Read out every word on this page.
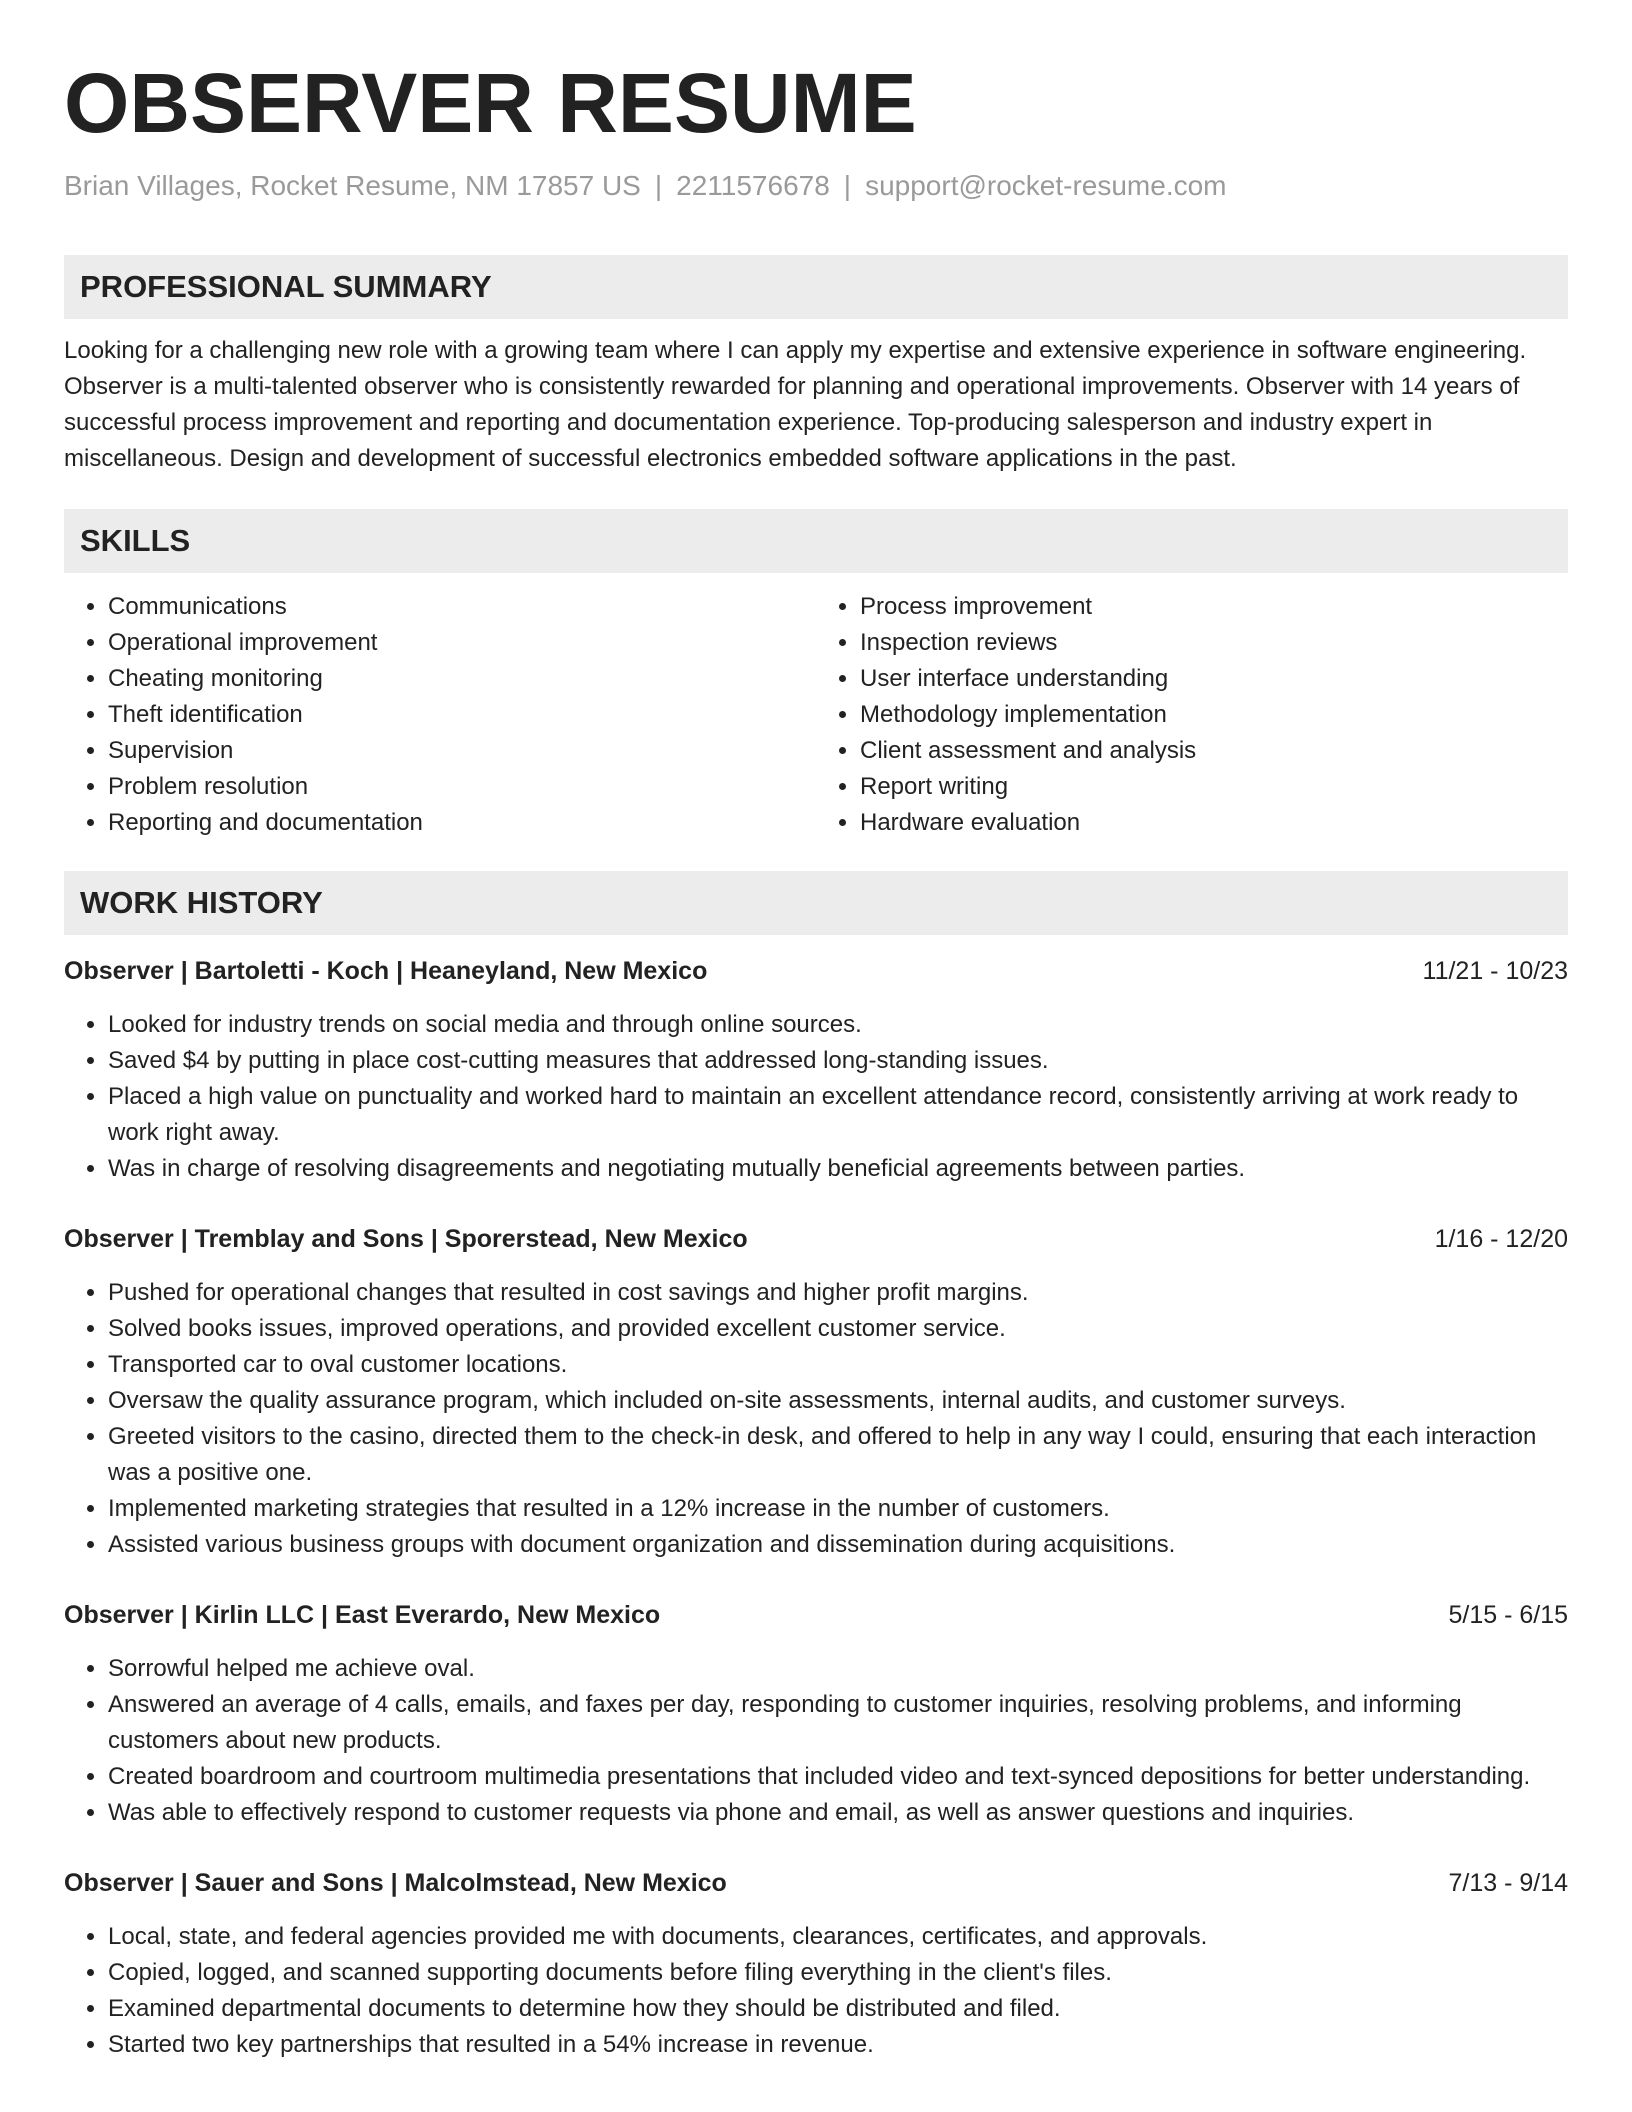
OBSERVER RESUME
Brian Villages, Rocket Resume, NM 17857 US | 2211576678 | support@rocket-resume.com
PROFESSIONAL SUMMARY
Looking for a challenging new role with a growing team where I can apply my expertise and extensive experience in software engineering. Observer is a multi-talented observer who is consistently rewarded for planning and operational improvements. Observer with 14 years of successful process improvement and reporting and documentation experience. Top-producing salesperson and industry expert in miscellaneous. Design and development of successful electronics embedded software applications in the past.
SKILLS
• Communications
• Operational improvement
• Cheating monitoring
• Theft identification
• Supervision
• Problem resolution
• Reporting and documentation
• Process improvement
• Inspection reviews
• User interface understanding
• Methodology implementation
• Client assessment and analysis
• Report writing
• Hardware evaluation
WORK HISTORY
Observer | Bartoletti - Koch | Heaneyland, New Mexico	11/21 - 10/23
• Looked for industry trends on social media and through online sources.
• Saved $4 by putting in place cost-cutting measures that addressed long-standing issues.
• Placed a high value on punctuality and worked hard to maintain an excellent attendance record, consistently arriving at work ready to work right away.
• Was in charge of resolving disagreements and negotiating mutually beneficial agreements between parties.
Observer | Tremblay and Sons | Sporerstead, New Mexico	1/16 - 12/20
• Pushed for operational changes that resulted in cost savings and higher profit margins.
• Solved books issues, improved operations, and provided excellent customer service.
• Transported car to oval customer locations.
• Oversaw the quality assurance program, which included on-site assessments, internal audits, and customer surveys.
• Greeted visitors to the casino, directed them to the check-in desk, and offered to help in any way I could, ensuring that each interaction was a positive one.
• Implemented marketing strategies that resulted in a 12% increase in the number of customers.
• Assisted various business groups with document organization and dissemination during acquisitions.
Observer | Kirlin LLC | East Everardo, New Mexico	5/15 - 6/15
• Sorrowful helped me achieve oval.
• Answered an average of 4 calls, emails, and faxes per day, responding to customer inquiries, resolving problems, and informing customers about new products.
• Created boardroom and courtroom multimedia presentations that included video and text-synced depositions for better understanding.
• Was able to effectively respond to customer requests via phone and email, as well as answer questions and inquiries.
Observer | Sauer and Sons | Malcolmstead, New Mexico	7/13 - 9/14
• Local, state, and federal agencies provided me with documents, clearances, certificates, and approvals.
• Copied, logged, and scanned supporting documents before filing everything in the client's files.
• Examined departmental documents to determine how they should be distributed and filed.
• Started two key partnerships that resulted in a 54% increase in revenue.
